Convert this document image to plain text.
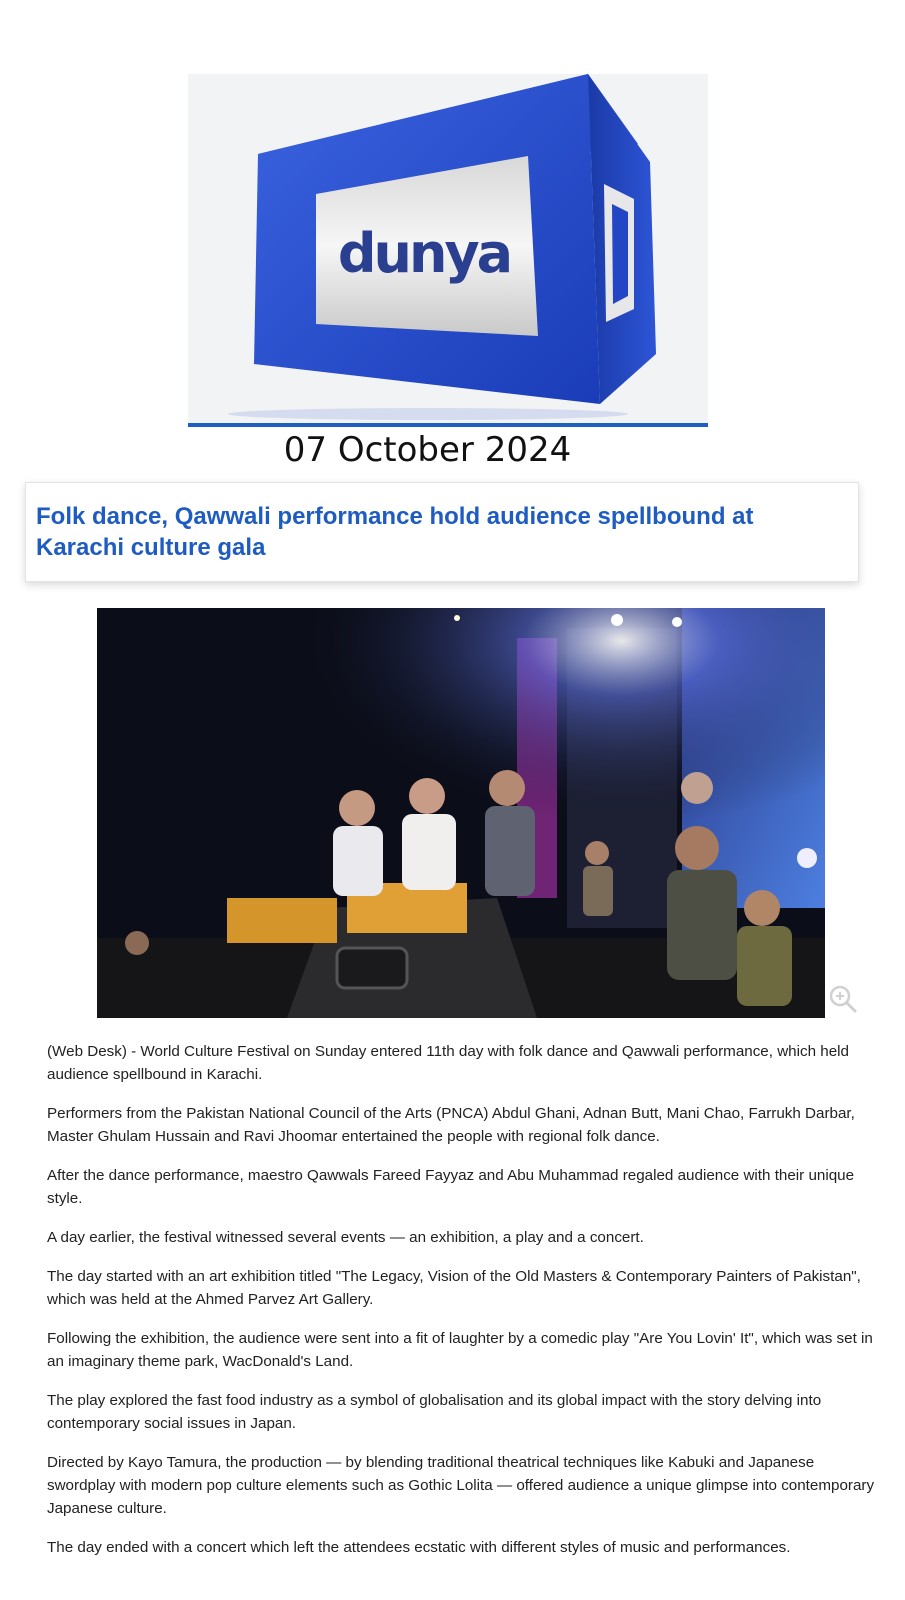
dunya
07 October 2024
Folk dance, Qawwali performance hold audience spellbound at Karachi culture gala

(Web Desk) - World Culture Festival on Sunday entered 11th day with folk dance and Qawwali performance, which held audience spellbound in Karachi.

Performers from the Pakistan National Council of the Arts (PNCA) Abdul Ghani, Adnan Butt, Mani Chao, Farrukh Darbar, Master Ghulam Hussain and Ravi Jhoomar entertained the people with regional folk dance.

After the dance performance, maestro Qawwals Fareed Fayyaz and Abu Muhammad regaled audience with their unique style.

A day earlier, the festival witnessed several events — an exhibition, a play and a concert.

The day started with an art exhibition titled "The Legacy, Vision of the Old Masters & Contemporary Painters of Pakistan", which was held at the Ahmed Parvez Art Gallery.

Following the exhibition, the audience were sent into a fit of laughter by a comedic play "Are You Lovin' It", which was set in an imaginary theme park, WacDonald's Land.

The play explored the fast food industry as a symbol of globalisation and its global impact with the story delving into contemporary social issues in Japan.

Directed by Kayo Tamura, the production — by blending traditional theatrical techniques like Kabuki and Japanese swordplay with modern pop culture elements such as Gothic Lolita — offered audience a unique glimpse into contemporary Japanese culture.

The day ended with a concert which left the attendees ecstatic with different styles of music and performances.
